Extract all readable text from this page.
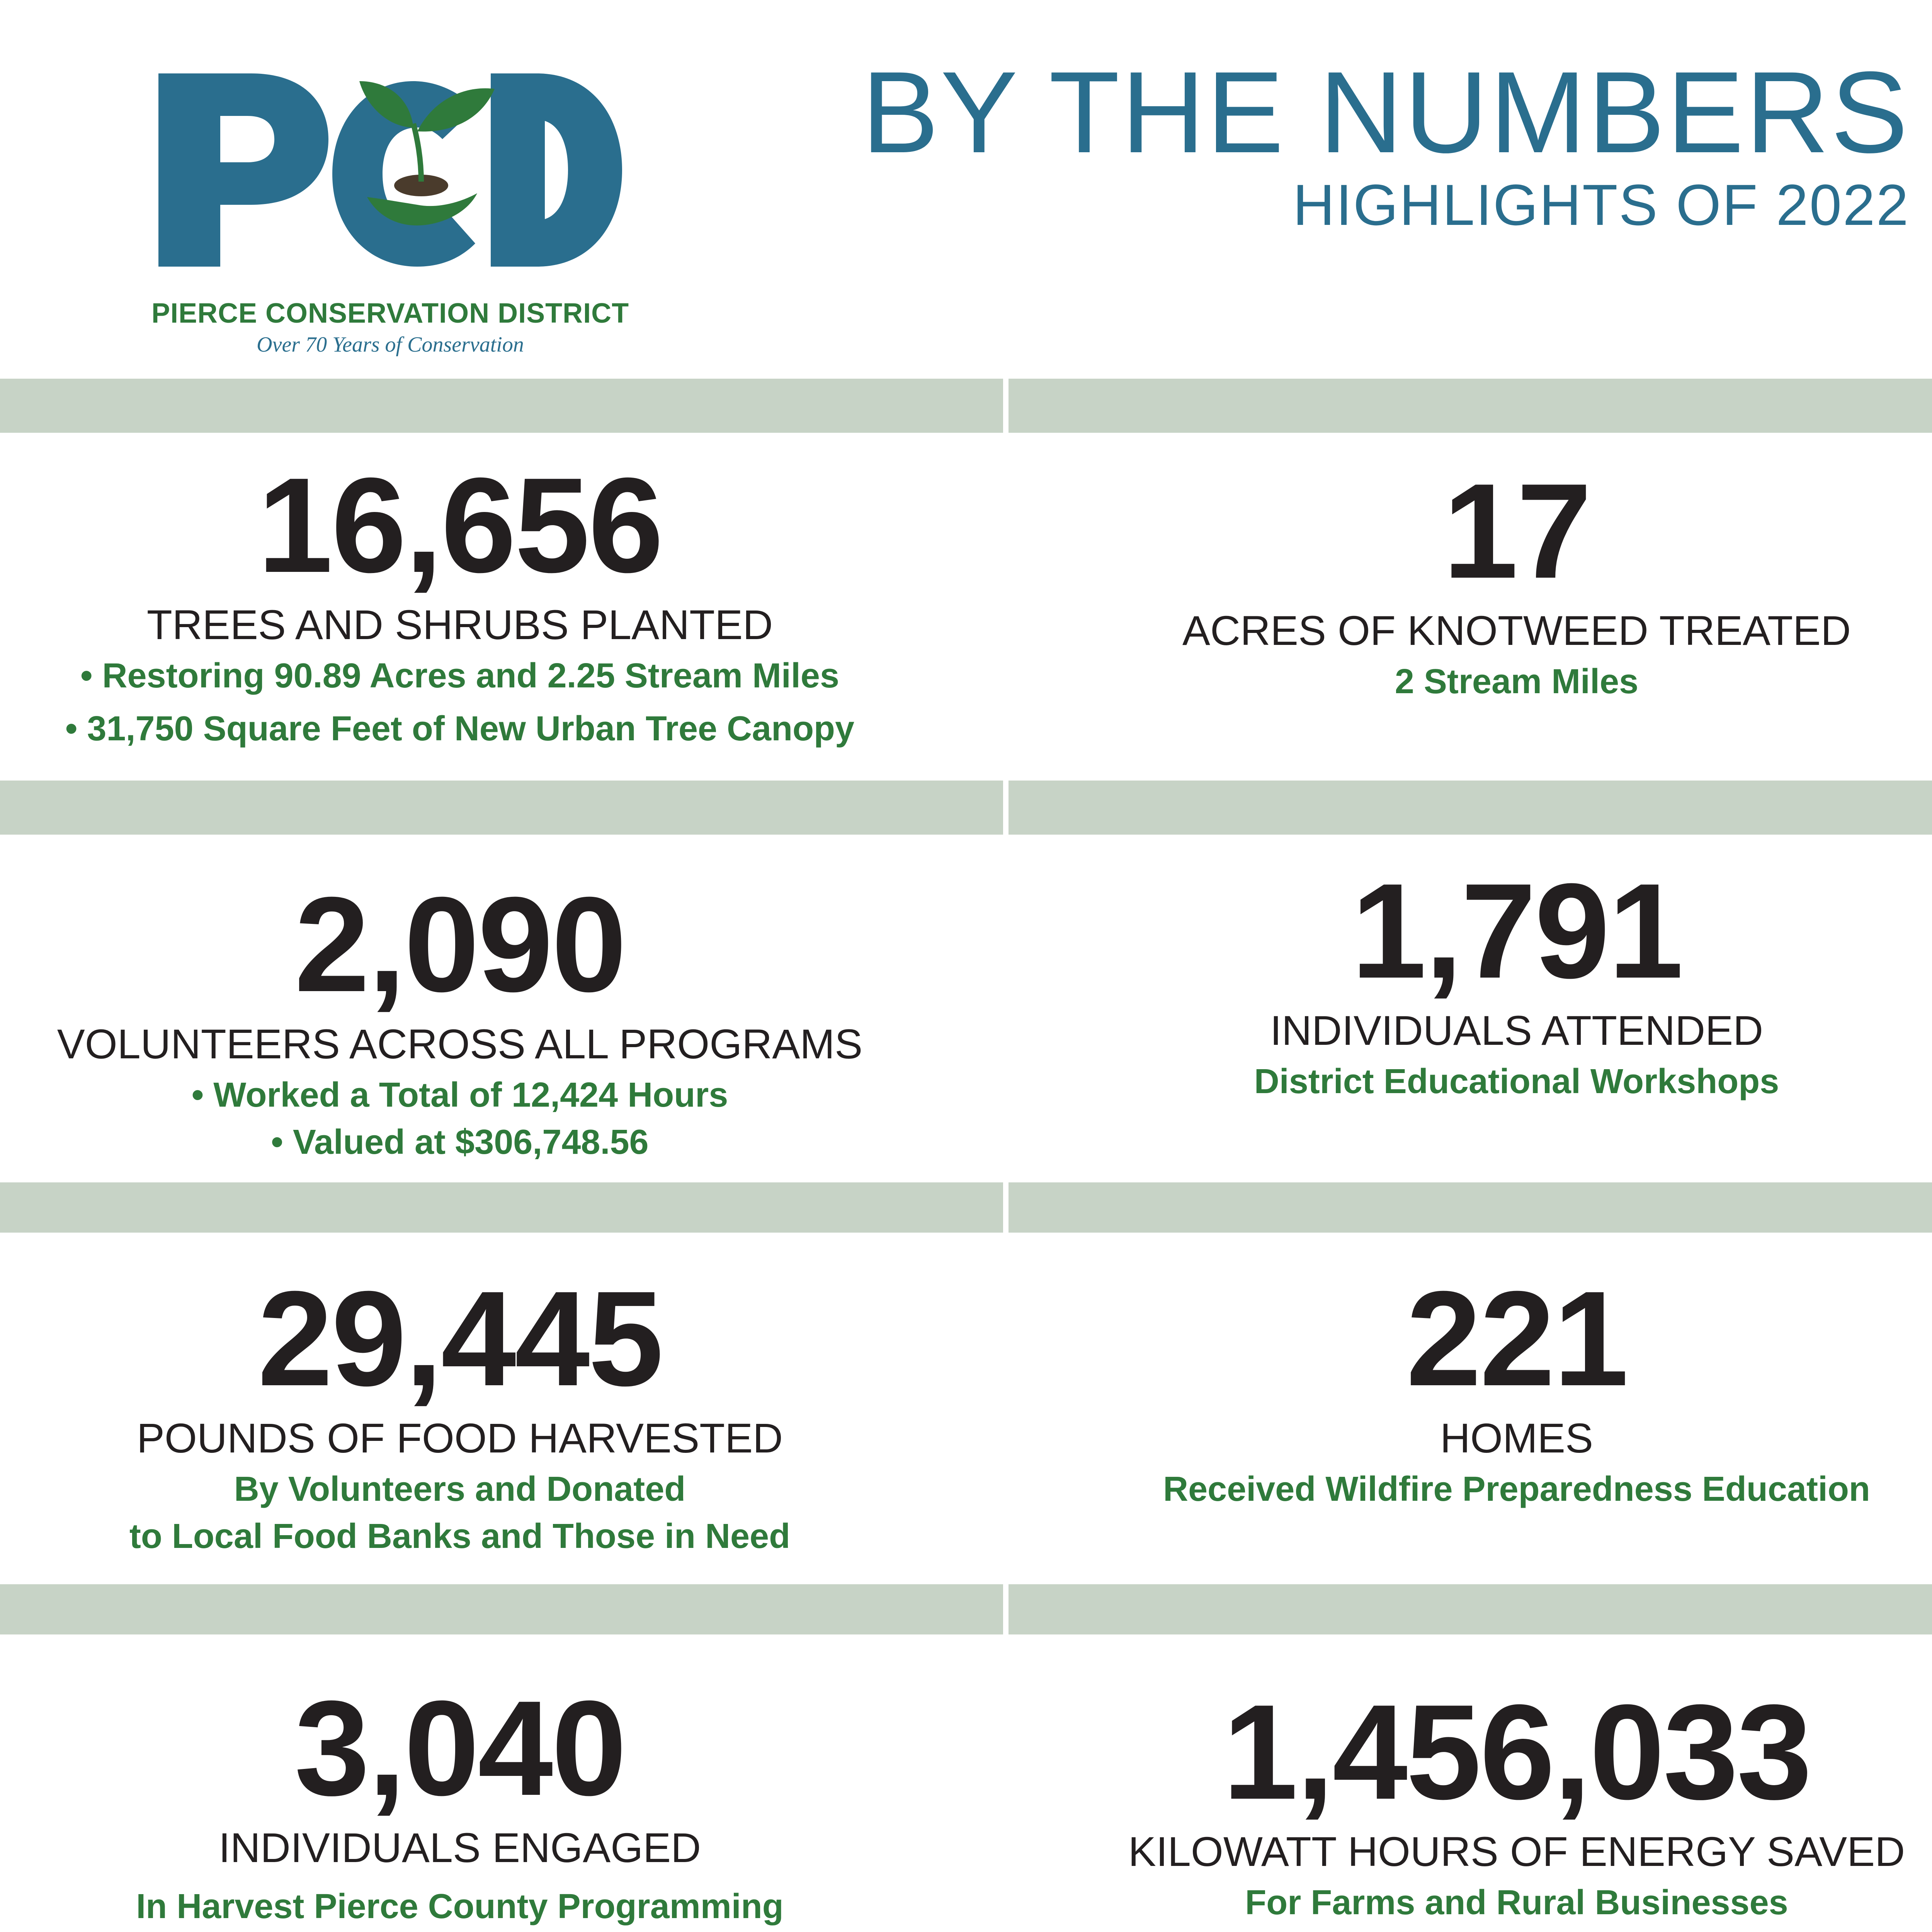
PIERCE CONSERVATION DISTRICT
Over 70 Years of Conservation
BY THE NUMBERS
HIGHLIGHTS OF 2022
16,656
TREES AND SHRUBS PLANTED
• Restoring 90.89 Acres and 2.25 Stream Miles
• 31,750 Square Feet of New Urban Tree Canopy
17
ACRES OF KNOTWEED TREATED
2 Stream Miles
2,090
VOLUNTEERS ACROSS ALL PROGRAMS
• Worked a Total of 12,424 Hours
• Valued at $306,748.56
1,791
INDIVIDUALS ATTENDED
District Educational Workshops
29,445
POUNDS OF FOOD HARVESTED
By Volunteers and Donated
to Local Food Banks and Those in Need
221
HOMES
Received Wildfire Preparedness Education
3,040
INDIVIDUALS ENGAGED
In Harvest Pierce County Programming
1,456,033
KILOWATT HOURS OF ENERGY SAVED
For Farms and Rural Businesses
